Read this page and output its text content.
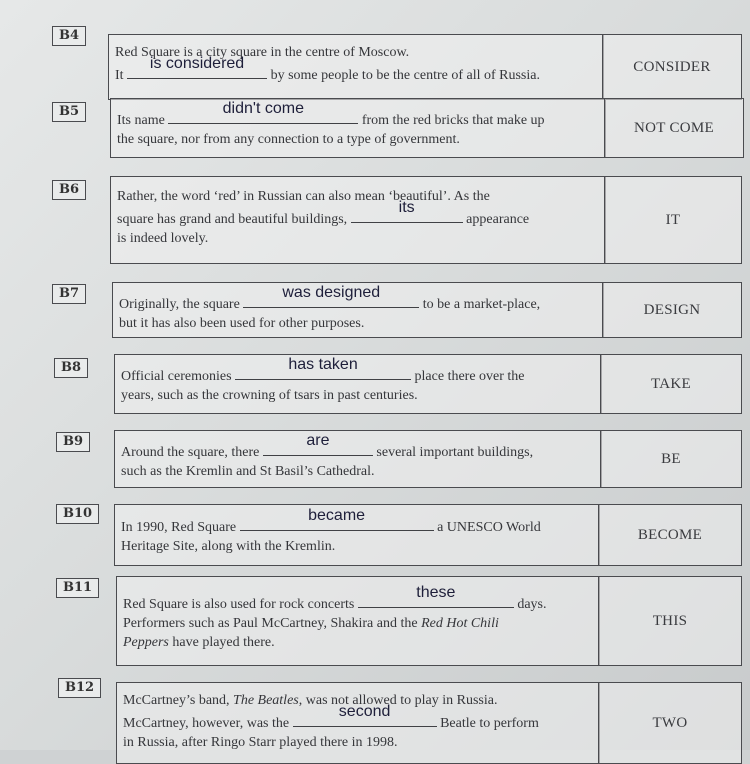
B4
Red Square is a city square in the centre of Moscow.
It
is considered
by some people to be the centre of all of Russia.
CONSIDER
B5
Its name
didn't come
from the red bricks that make up
the square, nor from any connection to a type of government.
NOT COME
B6	Rather, the word ‘red’ in Russian can also mean ‘beautiful’. As the
square has grand and beautiful buildings,
its
appearance
is indeed lovely.
IT
B7
Originally, the square
was designed
to be a market-place,
but it has also been used for other purposes.
DESIGN
B8
Official ceremonies
has taken
place there over the
years, such as the crowning of tsars in past centuries.
TAKE
B9
Around the square, there
are
several important buildings,
such as the Kremlin and St Basil’s Cathedral.
BE
B10
In 1990, Red Square
became
a UNESCO World
Heritage Site, along with the Kremlin.
BECOME
B11
Red Square is also used for rock concerts
these
days.
Performers such as Paul McCartney, Shakira and the Red Hot Chili
Peppers have played there.
THIS
B12
McCartney’s band, The Beatles, was not allowed to play in Russia.
McCartney, however, was the
second
Beatle to perform
in Russia, after Ringo Starr played there in 1998.
TWO
